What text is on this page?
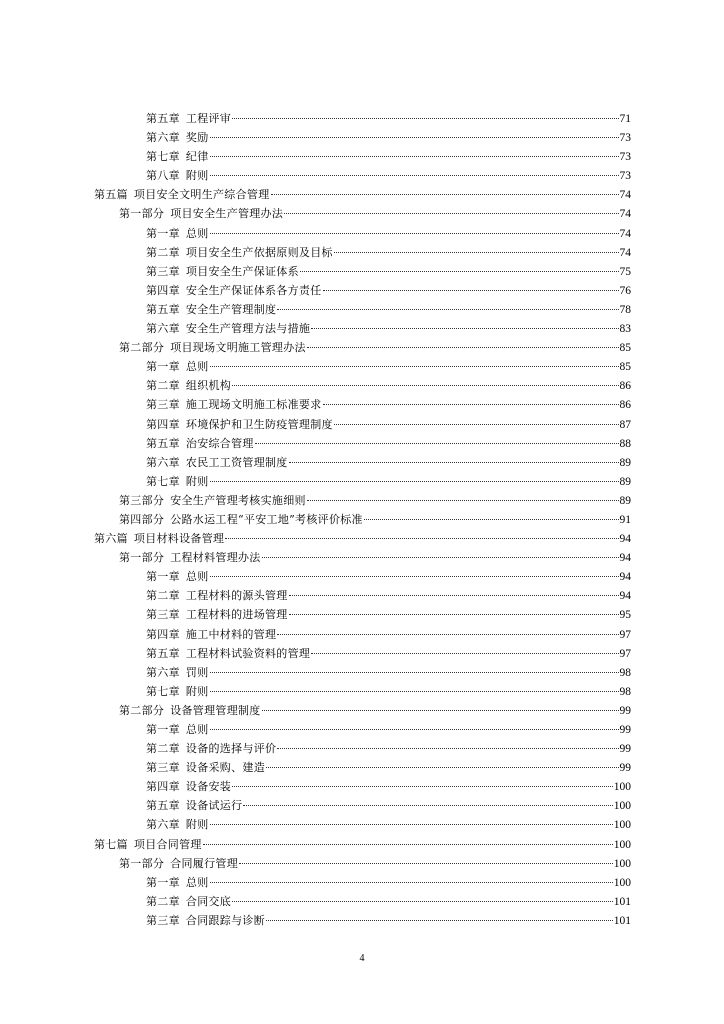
第五章 工程评审	71
第六章 奖励	73
第七章 纪律	73
第八章 附则	73
第五篇 项目安全文明生产综合管理	74
第一部分 项目安全生产管理办法	74
第一章 总则	74
第二章 项目安全生产依据原则及目标	74
第三章 项目安全生产保证体系	75
第四章 安全生产保证体系各方责任	76
第五章 安全生产管理制度	78
第六章 安全生产管理方法与措施	83
第二部分 项目现场文明施工管理办法	85
第一章 总则	85
第二章 组织机构	86
第三章 施工现场文明施工标准要求	86
第四章 环境保护和卫生防疫管理制度	87
第五章 治安综合管理	88
第六章 农民工工资管理制度	89
第七章 附则	89
第三部分 安全生产管理考核实施细则	89
第四部分 公路水运工程“平安工地”考核评价标准	91
第六篇 项目材料设备管理	94
第一部分 工程材料管理办法	94
第一章 总则	94
第二章 工程材料的源头管理	94
第三章 工程材料的进场管理	95
第四章 施工中材料的管理	97
第五章 工程材料试验资料的管理	97
第六章 罚则	98
第七章 附则	98
第二部分 设备管理管理制度	99
第一章 总则	99
第二章 设备的选择与评价	99
第三章 设备采购、建造	99
第四章 设备安装	100
第五章 设备试运行	100
第六章 附则	100
第七篇 项目合同管理	100
第一部分 合同履行管理	100
第一章 总则	100
第二章 合同交底	101
第三章 合同跟踪与诊断	101
4
